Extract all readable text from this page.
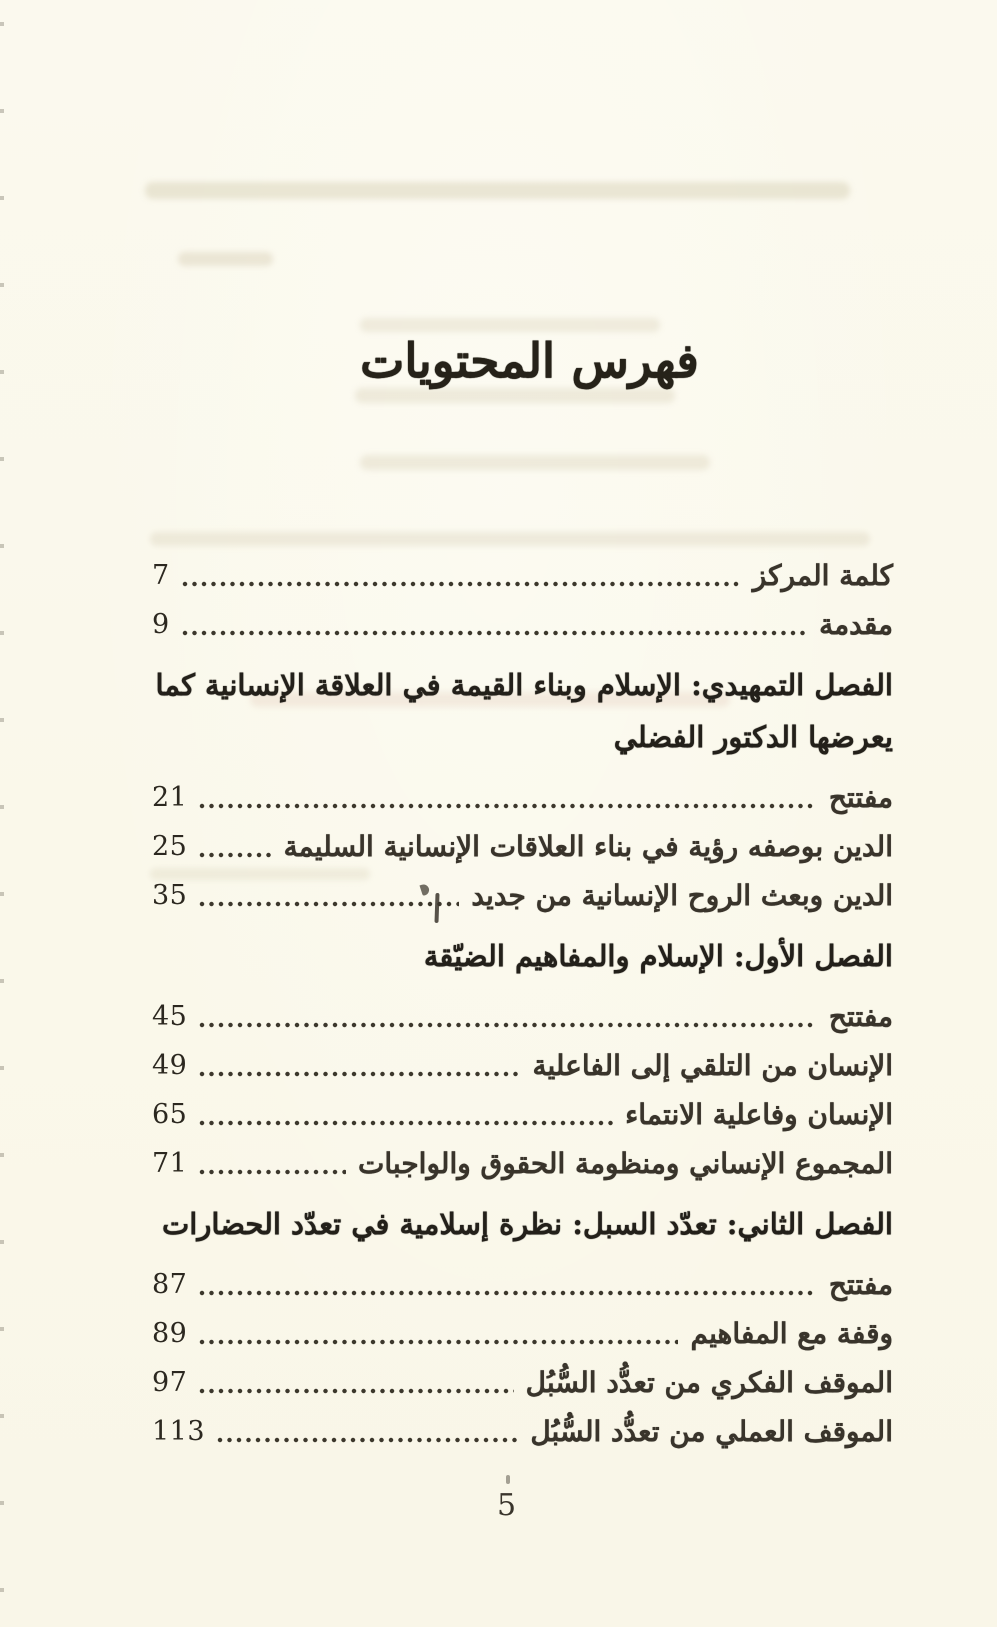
فهرس المحتويات
كلمة المركز
7
مقدمة
9
الفصل التمهيدي: الإسلام وبناء القيمة في العلاقة الإنسانية كما يعرضها الدكتور الفضلي
مفتتح
21
الدين بوصفه رؤية في بناء العلاقات الإنسانية السليمة
25
الدين وبعث الروح الإنسانية من جديد
35
الفصل الأول: الإسلام والمفاهيم الضيّقة
مفتتح
45
الإنسان من التلقي إلى الفاعلية
49
الإنسان وفاعلية الانتماء
65
المجموع الإنساني ومنظومة الحقوق والواجبات
71
الفصل الثاني: تعدّد السبل: نظرة إسلامية في تعدّد الحضارات
مفتتح
87
وقفة مع المفاهيم
89
الموقف الفكري من تعدُّد السُّبُل
97
الموقف العملي من تعدُّد السُّبُل
113
5
